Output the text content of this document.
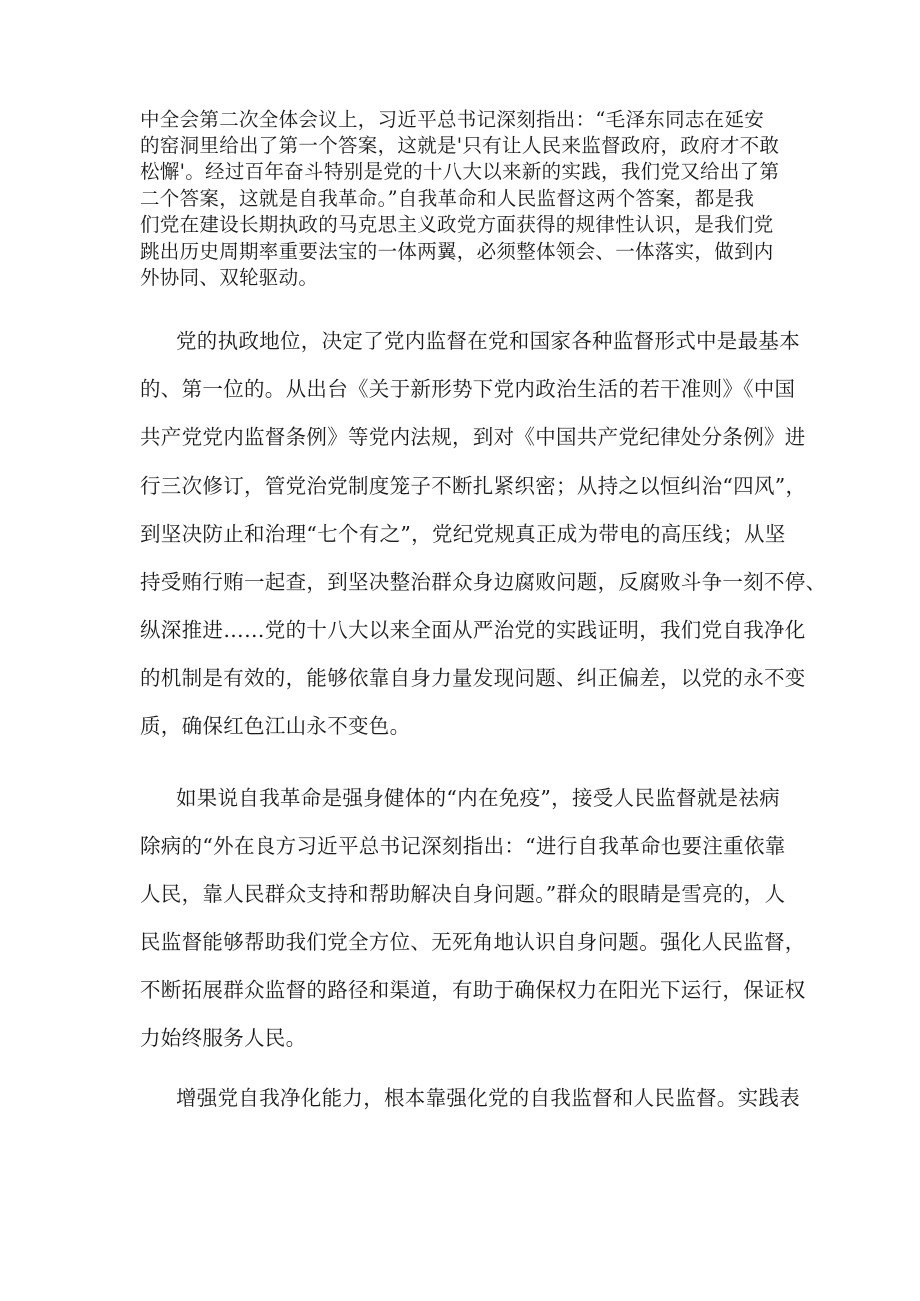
中全会第二次全体会议上，习近平总书记深刻指出：“毛泽东同志在延安
的窑洞里给出了第一个答案，这就是'只有让人民来监督政府，政府才不敢
松懈'。经过百年奋斗特别是党的十八大以来新的实践，我们党又给出了第
二个答案，这就是自我革命。”自我革命和人民监督这两个答案，都是我
们党在建设长期执政的马克思主义政党方面获得的规律性认识，是我们党
跳出历史周期率重要法宝的一体两翼，必须整体领会、一体落实，做到内
外协同、双轮驱动。
党的执政地位，决定了党内监督在党和国家各种监督形式中是最基本
的、第一位的。从出台《关于新形势下党内政治生活的若干准则》《中国
共产党党内监督条例》等党内法规，到对《中国共产党纪律处分条例》进
行三次修订，管党治党制度笼子不断扎紧织密；从持之以恒纠治“四风”，
到坚决防止和治理“七个有之”，党纪党规真正成为带电的高压线；从坚
持受贿行贿一起查，到坚决整治群众身边腐败问题，反腐败斗争一刻不停、
纵深推进……党的十八大以来全面从严治党的实践证明，我们党自我净化
的机制是有效的，能够依靠自身力量发现问题、纠正偏差，以党的永不变
质，确保红色江山永不变色。
如果说自我革命是强身健体的“内在免疫”，接受人民监督就是祛病
除病的“外在良方习近平总书记深刻指出：“进行自我革命也要注重依靠
人民，靠人民群众支持和帮助解决自身问题。”群众的眼睛是雪亮的，人
民监督能够帮助我们党全方位、无死角地认识自身问题。强化人民监督，
不断拓展群众监督的路径和渠道，有助于确保权力在阳光下运行，保证权
力始终服务人民。
增强党自我净化能力，根本靠强化党的自我监督和人民监督。实践表
